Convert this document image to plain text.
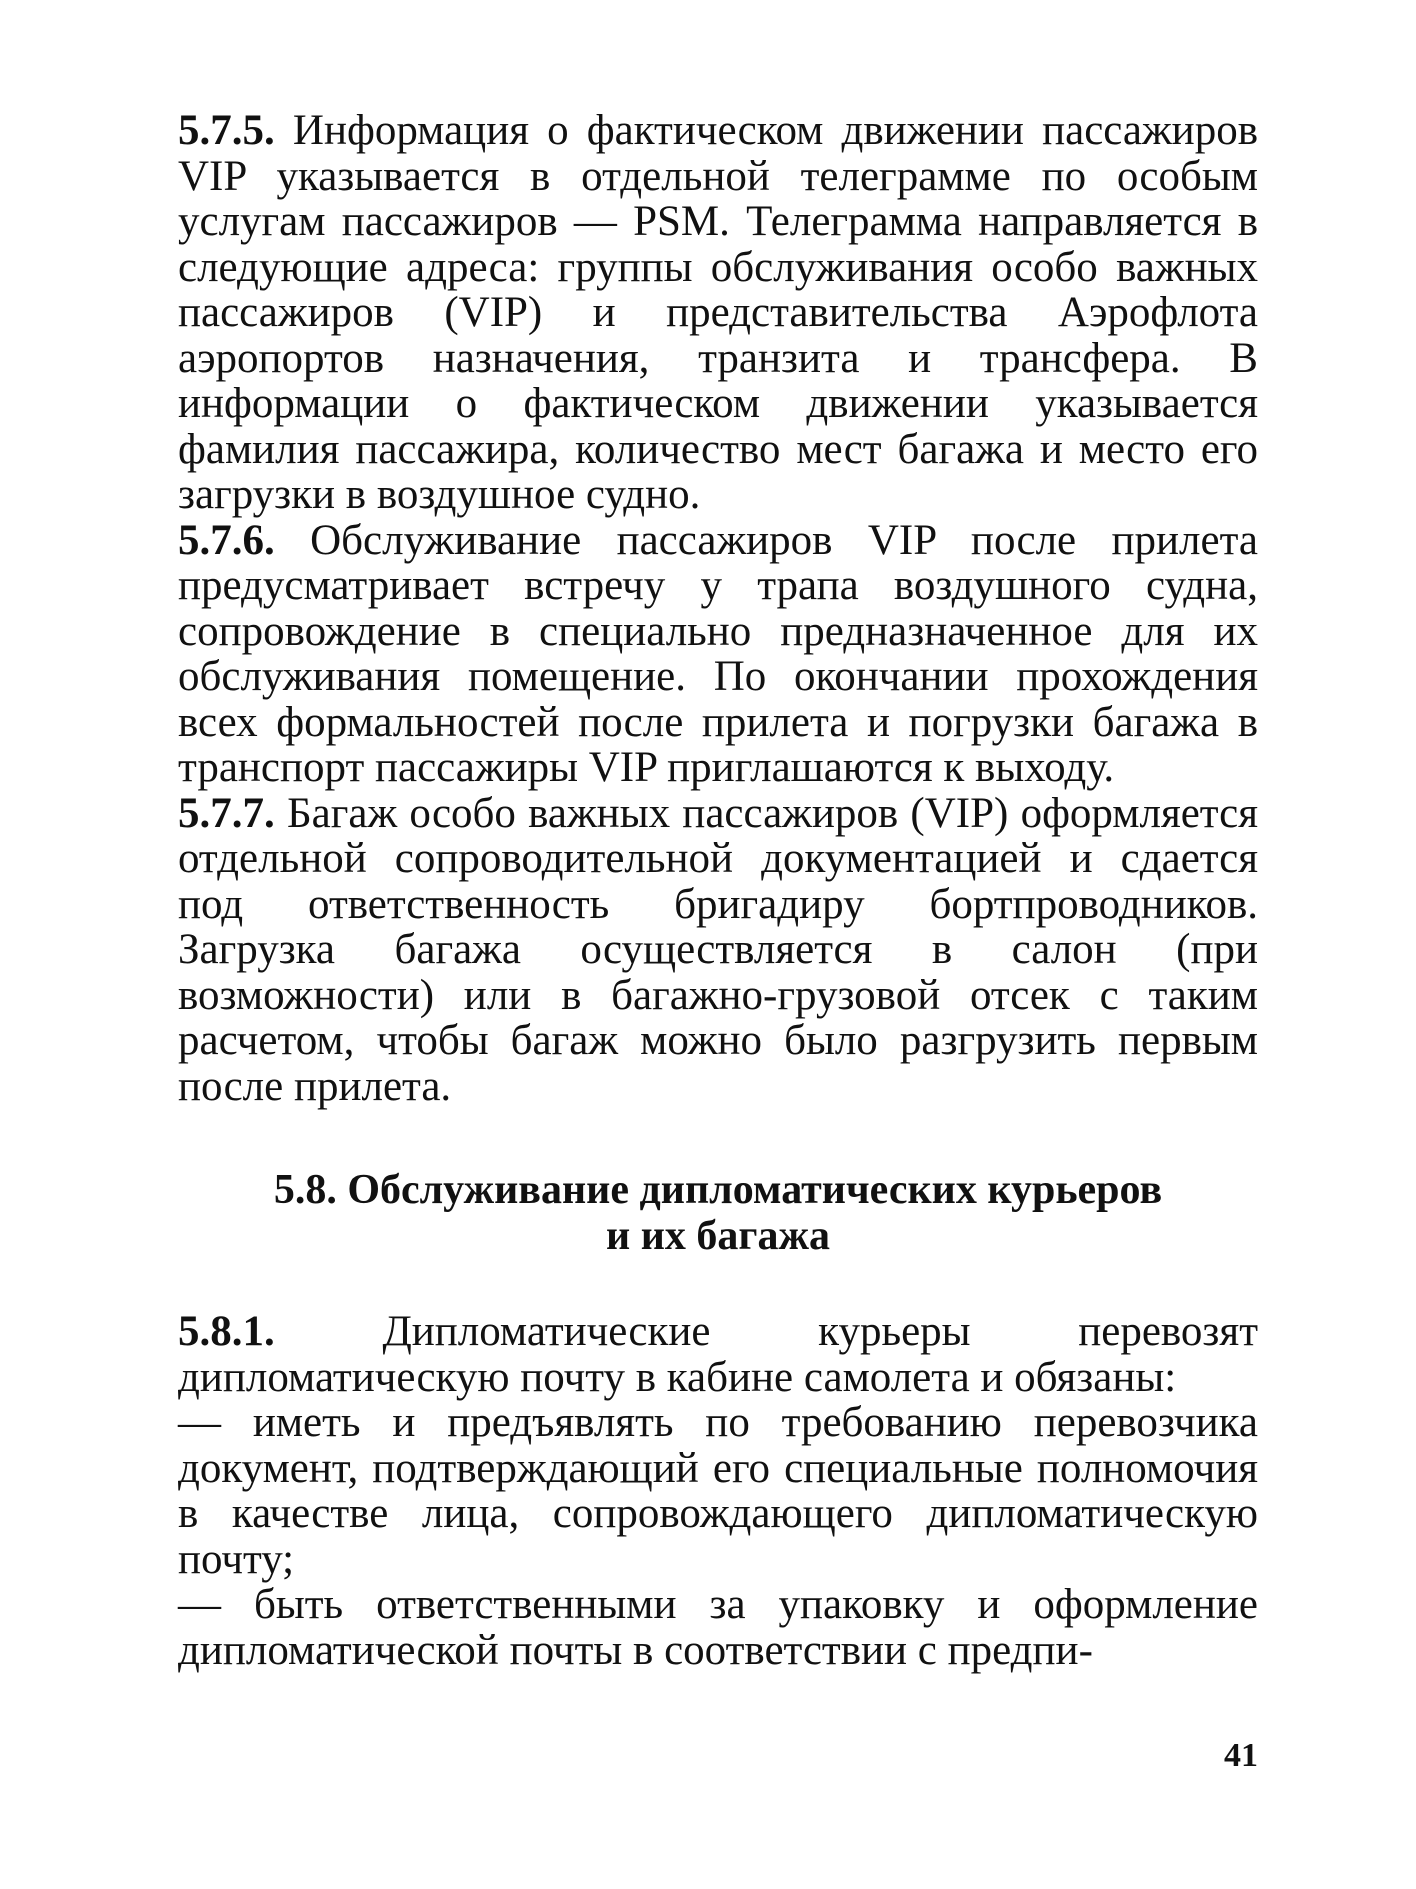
5.7.5. Информация о фактическом движении пассажиров VIP указывается в отдельной телеграмме по особым услугам пассажиров — PSM. Телеграмма направляется в следующие адреса: группы обслуживания особо важных пассажиров (VIP) и представительства Аэрофлота аэропортов назначения, транзита и трансфера. В информации о фактическом движении указывается фамилия пассажира, количество мест багажа и место его загрузки в воздушное судно.

5.7.6. Обслуживание пассажиров VIP после прилета предусматривает встречу у трапа воздушного судна, сопровождение в специально предназначенное для их обслуживания помещение. По окончании прохождения всех формальностей после прилета и погрузки багажа в транспорт пассажиры VIP приглашаются к выходу.

5.7.7. Багаж особо важных пассажиров (VIP) оформляется отдельной сопроводительной документацией и сдается под ответственность бригадиру бортпроводников. Загрузка багажа осуществляется в салон (при возможности) или в багажно-грузовой отсек с таким расчетом, чтобы багаж можно было разгрузить первым после прилета.

5.8. Обслуживание дипломатических курьеров
и их багажа

5.8.1. Дипломатические курьеры перевозят дипломатическую почту в кабине самолета и обязаны:

— иметь и предъявлять по требованию перевозчика документ, подтверждающий его специальные полномочия в качестве лица, сопровождающего дипломатическую почту;

— быть ответственными за упаковку и оформление дипломатической почты в соответствии с предпи-

41
